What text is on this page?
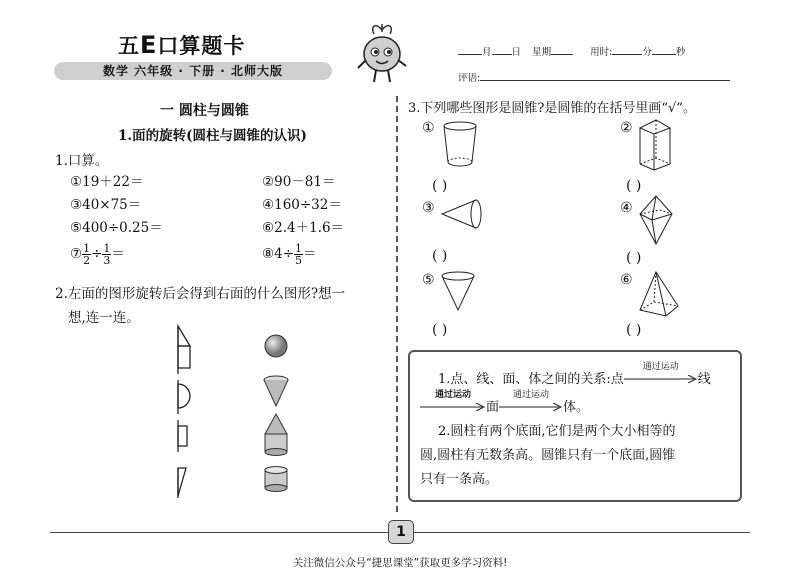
五E口算题卡
数学 六年级 · 下册 · 北师大版
月 日 星期	用时:	分	秒
评语:
一 圆柱与圆锥
1.面的旋转(圆柱与圆锥的认识)
1.口算。
①19＋22＝	②90－81＝
③40×75＝	④160÷32＝
⑤400÷0.25＝	⑥2.4＋1.6＝
⑦ $\frac{1}{2} \div \frac{1}{3}$ ＝	⑧4÷ $\frac{1}{5}$ ＝
2.左面的图形旋转后会得到右面的什么图形?想一
想,连一连。
3.下列哪些图形是圆锥?是圆锥的在括号里画“√”。
①
( )
②
( )
③
( )
④
( )
⑤
( )
⑥
( )
1.点、线、面、体之间的关系:点
通过运动
线
通过运动
面
通过运动
体。
2.圆柱有两个底面,它们是两个大小相等的
圆,圆柱有无数条高。圆锥只有一个底面,圆锥
只有一条高。
1
关注微信公众号“捷思课堂”获取更多学习资料!
